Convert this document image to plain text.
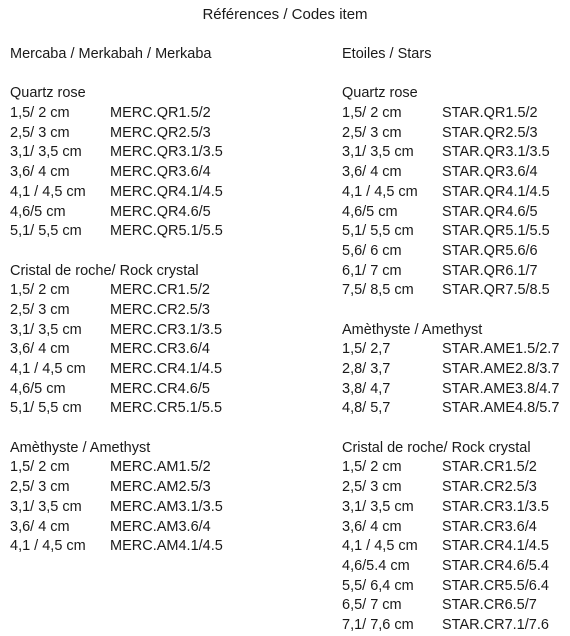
Références / Codes item
Mercaba / Merkabah / Merkaba
Quartz rose
1,5/ 2 cm	MERC.QR1.5/2
2,5/ 3 cm	MERC.QR2.5/3
3,1/ 3,5 cm	MERC.QR3.1/3.5
3,6/ 4 cm	MERC.QR3.6/4
4,1 / 4,5 cm	MERC.QR4.1/4.5
4,6/5 cm	MERC.QR4.6/5
5,1/ 5,5 cm	MERC.QR5.1/5.5
Cristal de roche/ Rock crystal
1,5/ 2 cm	MERC.CR1.5/2
2,5/ 3 cm	MERC.CR2.5/3
3,1/ 3,5 cm	MERC.CR3.1/3.5
3,6/ 4 cm	MERC.CR3.6/4
4,1 / 4,5 cm	MERC.CR4.1/4.5
4,6/5 cm	MERC.CR4.6/5
5,1/ 5,5 cm	MERC.CR5.1/5.5
Amèthyste / Amethyst
1,5/ 2 cm	MERC.AM1.5/2
2,5/ 3 cm	MERC.AM2.5/3
3,1/ 3,5 cm	MERC.AM3.1/3.5
3,6/ 4 cm	MERC.AM3.6/4
4,1 / 4,5 cm	MERC.AM4.1/4.5
Etoiles / Stars
Quartz rose
1,5/ 2 cm	STAR.QR1.5/2
2,5/ 3 cm	STAR.QR2.5/3
3,1/ 3,5 cm	STAR.QR3.1/3.5
3,6/ 4 cm	STAR.QR3.6/4
4,1 / 4,5 cm	STAR.QR4.1/4.5
4,6/5 cm	STAR.QR4.6/5
5,1/ 5,5 cm	STAR.QR5.1/5.5
5,6/ 6 cm	STAR.QR5.6/6
6,1/ 7 cm	STAR.QR6.1/7
7,5/ 8,5 cm	STAR.QR7.5/8.5
Amèthyste / Amethyst
1,5/ 2,7	STAR.AME1.5/2.7
2,8/ 3,7	STAR.AME2.8/3.7
3,8/ 4,7	STAR.AME3.8/4.7
4,8/ 5,7	STAR.AME4.8/5.7
Cristal de roche/ Rock crystal
1,5/ 2 cm	STAR.CR1.5/2
2,5/ 3 cm	STAR.CR2.5/3
3,1/ 3,5 cm	STAR.CR3.1/3.5
3,6/ 4 cm	STAR.CR3.6/4
4,1 / 4,5 cm	STAR.CR4.1/4.5
4,6/5.4 cm	STAR.CR4.6/5.4
5,5/ 6,4 cm	STAR.CR5.5/6.4
6,5/ 7 cm	STAR.CR6.5/7
7,1/ 7,6 cm	STAR.CR7.1/7.6
